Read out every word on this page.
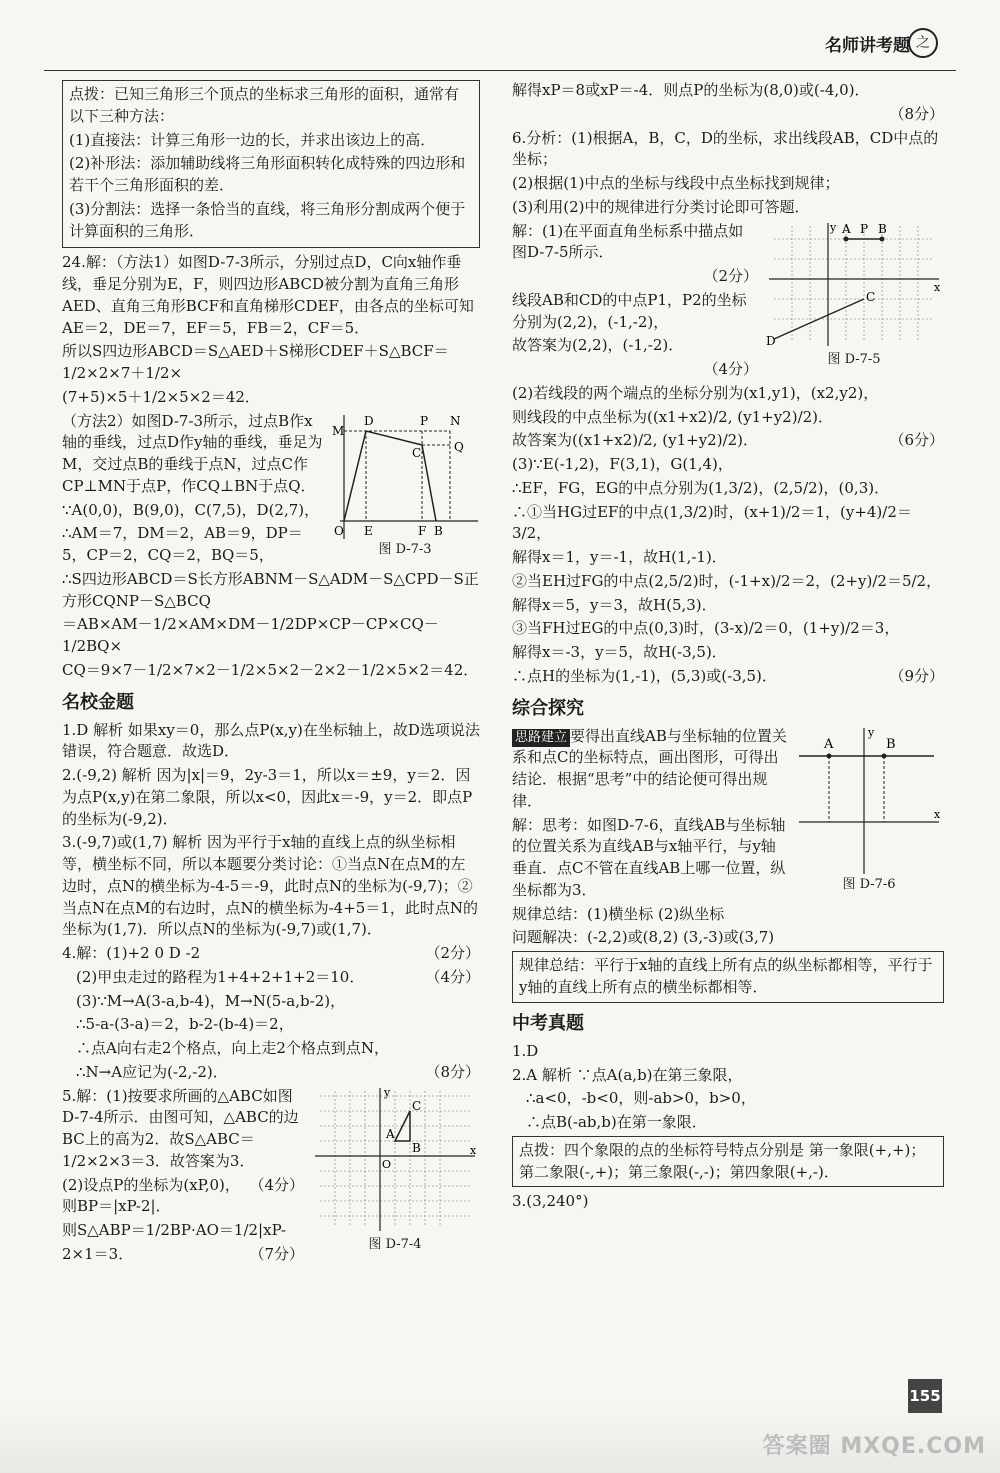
名师讲考题 之

点拨：已知三角形三个顶点的坐标求三角形的面积，通常有以下三种方法：

(1)直接法：计算三角形一边的长，并求出该边上的高．

(2)补形法：添加辅助线将三角形面积转化成特殊的四边形和若干个三角形面积的差．

(3)分割法：选择一条恰当的直线，将三角形分割成两个便于计算面积的三角形．

24.解：（方法1）如图D-7-3所示，分别过点D，C向x轴作垂线，垂足分别为E，F，则四边形ABCD被分割为直角三角形AED、直角三角形BCF和直角梯形CDEF，由各点的坐标可知AE＝2，DE＝7，EF＝5，FB＝2，CF＝5．

所以S四边形ABCD＝S△AED＋S梯形CDEF＋S△BCF＝1/2×2×7＋1/2×

(7+5)×5＋1/2×5×2＝42．

M
D	P N
C	Q
O E	F B
图 D-7-3

（方法2）如图D-7-3所示，过点B作x轴的垂线，过点D作y轴的垂线，垂足为M，交过点B的垂线于点N，过点C作CP⊥MN于点P，作CQ⊥BN于点Q．

∵A(0,0)，B(9,0)，C(7,5)，D(2,7)，

∴AM＝7，DM＝2，AB＝9，DP＝5，CP＝2，CQ＝2，BQ＝5，

∴S四边形ABCD＝S长方形ABNM－S△ADM－S△CPD－S正方形CQNP－S△BCQ

＝AB×AM－1/2×AM×DM－1/2DP×CP－CP×CQ－1/2BQ×

CQ＝9×7－1/2×7×2－1/2×5×2－2×2－1/2×5×2＝42．

名校金题

1.D 解析 如果xy＝0，那么点P(x,y)在坐标轴上，故D选项说法错误，符合题意．故选D．

2.(-9,2) 解析 因为|x|＝9，2y-3＝1，所以x＝±9，y＝2．因为点P(x,y)在第二象限，所以x<0，因此x＝-9，y＝2．即点P的坐标为(-9,2)．

3.(-9,7)或(1,7) 解析 因为平行于x轴的直线上点的纵坐标相等，横坐标不同，所以本题要分类讨论：①当点N在点M的左边时，点N的横坐标为-4-5＝-9，此时点N的坐标为(-9,7)；②当点N在点M的右边时，点N的横坐标为-4+5＝1，此时点N的坐标为(1,7)．所以点N的坐标为(-9,7)或(1,7)．

4.解：(1)+2 0 D -2	（2分）

(2)甲虫走过的路程为1+4+2+1+2＝10．	（4分）

(3)∵M→A(3-a,b-4)，M→N(5-a,b-2)，

∴5-a-(3-a)＝2，b-2-(b-4)＝2，

∴点A向右走2个格点，向上走2个格点到点N，

∴N→A应记为(-2,-2)．	（8分）

C
A
B
O
x
y
图 D-7-4

5.解：(1)按要求所画的△ABC如图D-7-4所示．由图可知，△ABC的边BC上的高为2．故S△ABC＝1/2×2×3＝3．故答案为3．

（4分）

(2)设点P的坐标为(xP,0)，则BP＝|xP-2|．

则S△ABP＝1/2BP·AO＝1/2|xP-

2×1＝3．	（7分）

解得xP＝8或xP＝-4．则点P的坐标为(8,0)或(-4,0)．

（8分）

6.分析：(1)根据A，B，C，D的坐标，求出线段AB，CD中点的坐标；

(2)根据(1)中点的坐标与线段中点坐标找到规律；

(3)利用(2)中的规律进行分类讨论即可答题．

A P B
D
C
x
y
图 D-7-5

解：(1)在平面直角坐标系中描点如图D-7-5所示．

（2分）

线段AB和CD的中点P1，P2的坐标分别为(2,2)，(-1,-2)，

故答案为(2,2)，(-1,-2)．

（4分）

(2)若线段的两个端点的坐标分别为(x1,y1)，(x2,y2)，

则线段的中点坐标为((x1+x2)/2, (y1+y2)/2)．

故答案为((x1+x2)/2, (y1+y2)/2)．	（6分）

(3)∵E(-1,2)，F(3,1)，G(1,4)，

∴EF，FG，EG的中点分别为(1,3/2)，(2,5/2)，(0,3)．

∴①当HG过EF的中点(1,3/2)时，(x+1)/2＝1，(y+4)/2＝3/2，

解得x＝1，y＝-1，故H(1,-1)．

②当EH过FG的中点(2,5/2)时，(-1+x)/2＝2，(2+y)/2＝5/2，

解得x＝5，y＝3，故H(5,3)．

③当FH过EG的中点(0,3)时，(3-x)/2＝0，(1+y)/2＝3，

解得x＝-3，y＝5，故H(-3,5)．

∴点H的坐标为(1,-1)，(5,3)或(-3,5)．	（9分）

综合探究
A	B
x
y
图 D-7-6

思路建立 要得出直线AB与坐标轴的位置关系和点C的坐标特点，画出图形，可得出结论．根据“思考”中的结论便可得出规律．

解：思考：如图D-7-6，直线AB与坐标轴的位置关系为直线AB与x轴平行，与y轴垂直．点C不管在直线AB上哪一位置，纵坐标都为3．

规律总结：(1)横坐标 (2)纵坐标

问题解决：(-2,2)或(8,2) (3,-3)或(3,7)

规律总结：平行于x轴的直线上所有点的纵坐标都相等，平行于y轴的直线上所有点的横坐标都相等．
中考真题

1.D

2.A 解析 ∵点A(a,b)在第三象限，

∴a<0，-b<0，则-ab>0，b>0，

∴点B(-ab,b)在第一象限．

点拨：四个象限的点的坐标符号特点分别是 第一象限(+,+)；第二象限(-,+)；第三象限(-,-)；第四象限(+,-)．

3.(3,240°)

155
答案圈 MXQE.COM
